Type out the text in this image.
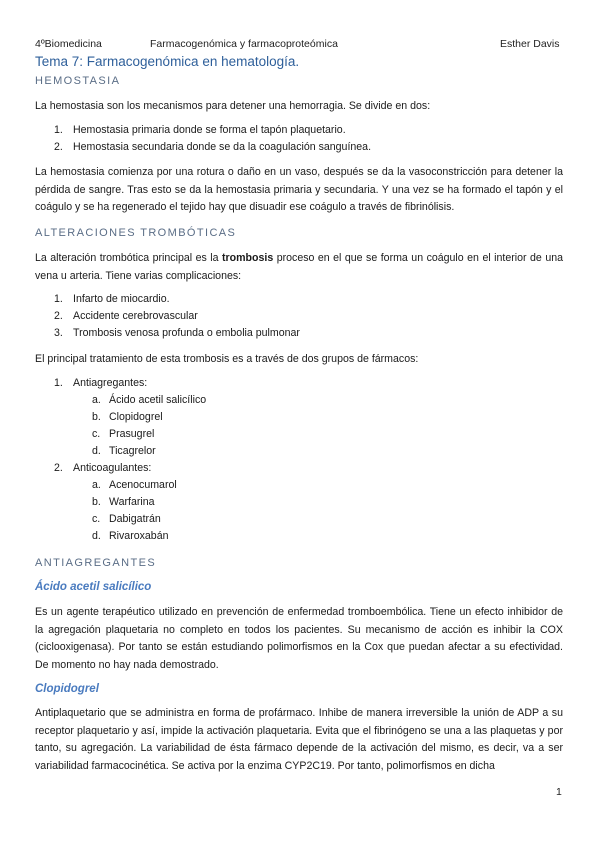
4ºBiomedicina	Farmacogenómica y farmacoproteómica	Esther Davis
Tema 7: Farmacogenómica en hematología.
HEMOSTASIA
La hemostasia son los mecanismos para detener una hemorragia. Se divide en dos:
1. Hemostasia primaria donde se forma el tapón plaquetario.
2. Hemostasia secundaria donde se da la coagulación sanguínea.
La hemostasia comienza por una rotura o daño en un vaso, después se da la vasoconstricción para detener la pérdida de sangre. Tras esto se da la hemostasia primaria y secundaria. Y una vez se ha formado el tapón y el coágulo y se ha regenerado el tejido hay que disuadir ese coágulo a través de fibrinólisis.
ALTERACIONES TROMBÓTICAS
La alteración trombótica principal es la trombosis proceso en el que se forma un coágulo en el interior de una vena u arteria. Tiene varias complicaciones:
1. Infarto de miocardio.
2. Accidente cerebrovascular
3. Trombosis venosa profunda o embolia pulmonar
El principal tratamiento de esta trombosis es a través de dos grupos de fármacos:
1. Antiagregantes:
a. Ácido acetil salicílico
b. Clopidogrel
c. Prasugrel
d. Ticagrelor
2. Anticoagulantes:
a. Acenocumarol
b. Warfarina
c. Dabigatrán
d. Rivaroxabán
ANTIAGREGANTES
Ácido acetil salicílico
Es un agente terapéutico utilizado en prevención de enfermedad tromboembólica. Tiene un efecto inhibidor de la agregación plaquetaria no completo en todos los pacientes. Su mecanismo de acción es inhibir la COX (ciclooxigenasa). Por tanto se están estudiando polimorfismos en la Cox que puedan afectar a su efectividad. De momento no hay nada demostrado.
Clopidogrel
Antiplaquetario que se administra en forma de profármaco. Inhibe de manera irreversible la unión de ADP a su receptor plaquetario y así, impide la activación plaquetaria. Evita que el fibrinógeno se una a las plaquetas y por tanto, su agregación. La variabilidad de ésta fármaco depende de la activación del mismo, es decir, va a ser variabilidad farmacocinética. Se activa por la enzima CYP2C19. Por tanto, polimorfismos en dicha
1
